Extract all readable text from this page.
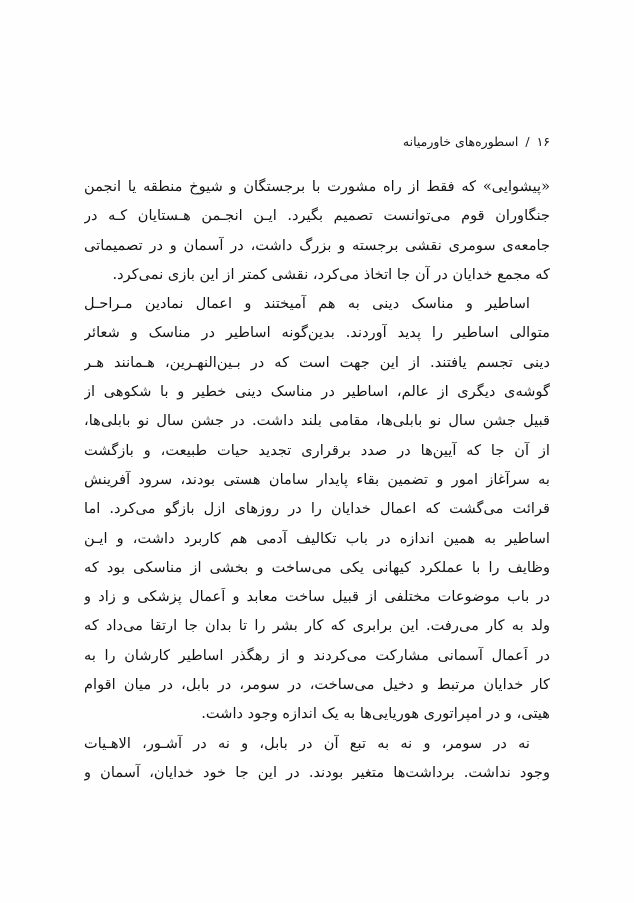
۱۶ / اسطوره‌های خاورمیانه
«پیشوایی» که فقط از راه مشورت با برجستگان و شیوخ منطقه یا انجمن
جنگاوران قوم می‌توانست تصمیم بگیرد. ایـن انجـمن هـستایان کـه در
جامعه‌ی سومری نقشی برجسته و بزرگ داشت، در آسمان و در تصمیماتی
که مجمع خدایان در آن جا اتخاذ می‌کرد، نقشی کمتر از این بازی نمی‌کرد.
اساطیر و مناسک دینی به هم آمیختند و اعمال نمادین مـراحـل
متوالی اساطیر را پدید آوردند. بدین‌گونه اساطیر در مناسک و شعائر
دینی تجسم یافتند. از این جهت است که در بـین‌النهـرین، هـمانند هـر
گوشه‌ی دیگری از عالم، اساطیر در مناسک دینی خطیر و با شکوهی از
قبیل جشن سال نو بابلی‌ها، مقامی بلند داشت. در جشن سال نو بابلی‌ها،
از آن جا که آیین‌ها در صدد برقراری تجدید حیات طبیعت، و بازگشت
به سرآغاز امور و تضمین بقاء پایدار سامان هستی بودند، سرود آفرینش
قرائت می‌گشت که اعمال خدایان را در روزهای ازل بازگو می‌کرد. اما
اساطیر به همین اندازه در باب تکالیف آدمی هم کاربرد داشت، و ایـن
وظایف را با عملکرد کیهانی یکی می‌ساخت و بخشی از مناسکی بود که
در باب موضوعات مختلفی از قبیل ساخت معابد و اَعمال پزشکی و زاد و
ولد به کار می‌رفت. این برابری که کار بشر را تا بدان جا ارتقا می‌داد که
در اَعمال آسمانی مشارکت می‌کردند و از رهگذر اساطیر کارشان را به
کار خدایان مرتبط و دخیل می‌ساخت، در سومر، در بابل، در میان اقوام
هیتی، و در امپراتوری هوریایی‌ها به یک اندازه وجود داشت.
نه در سومر، و نه به تبع آن در بابل، و نه در آشـور، الاهـیات
وجود نداشت. برداشت‌ها متغیر بودند. در این جا خود خدایان، آسمان و
